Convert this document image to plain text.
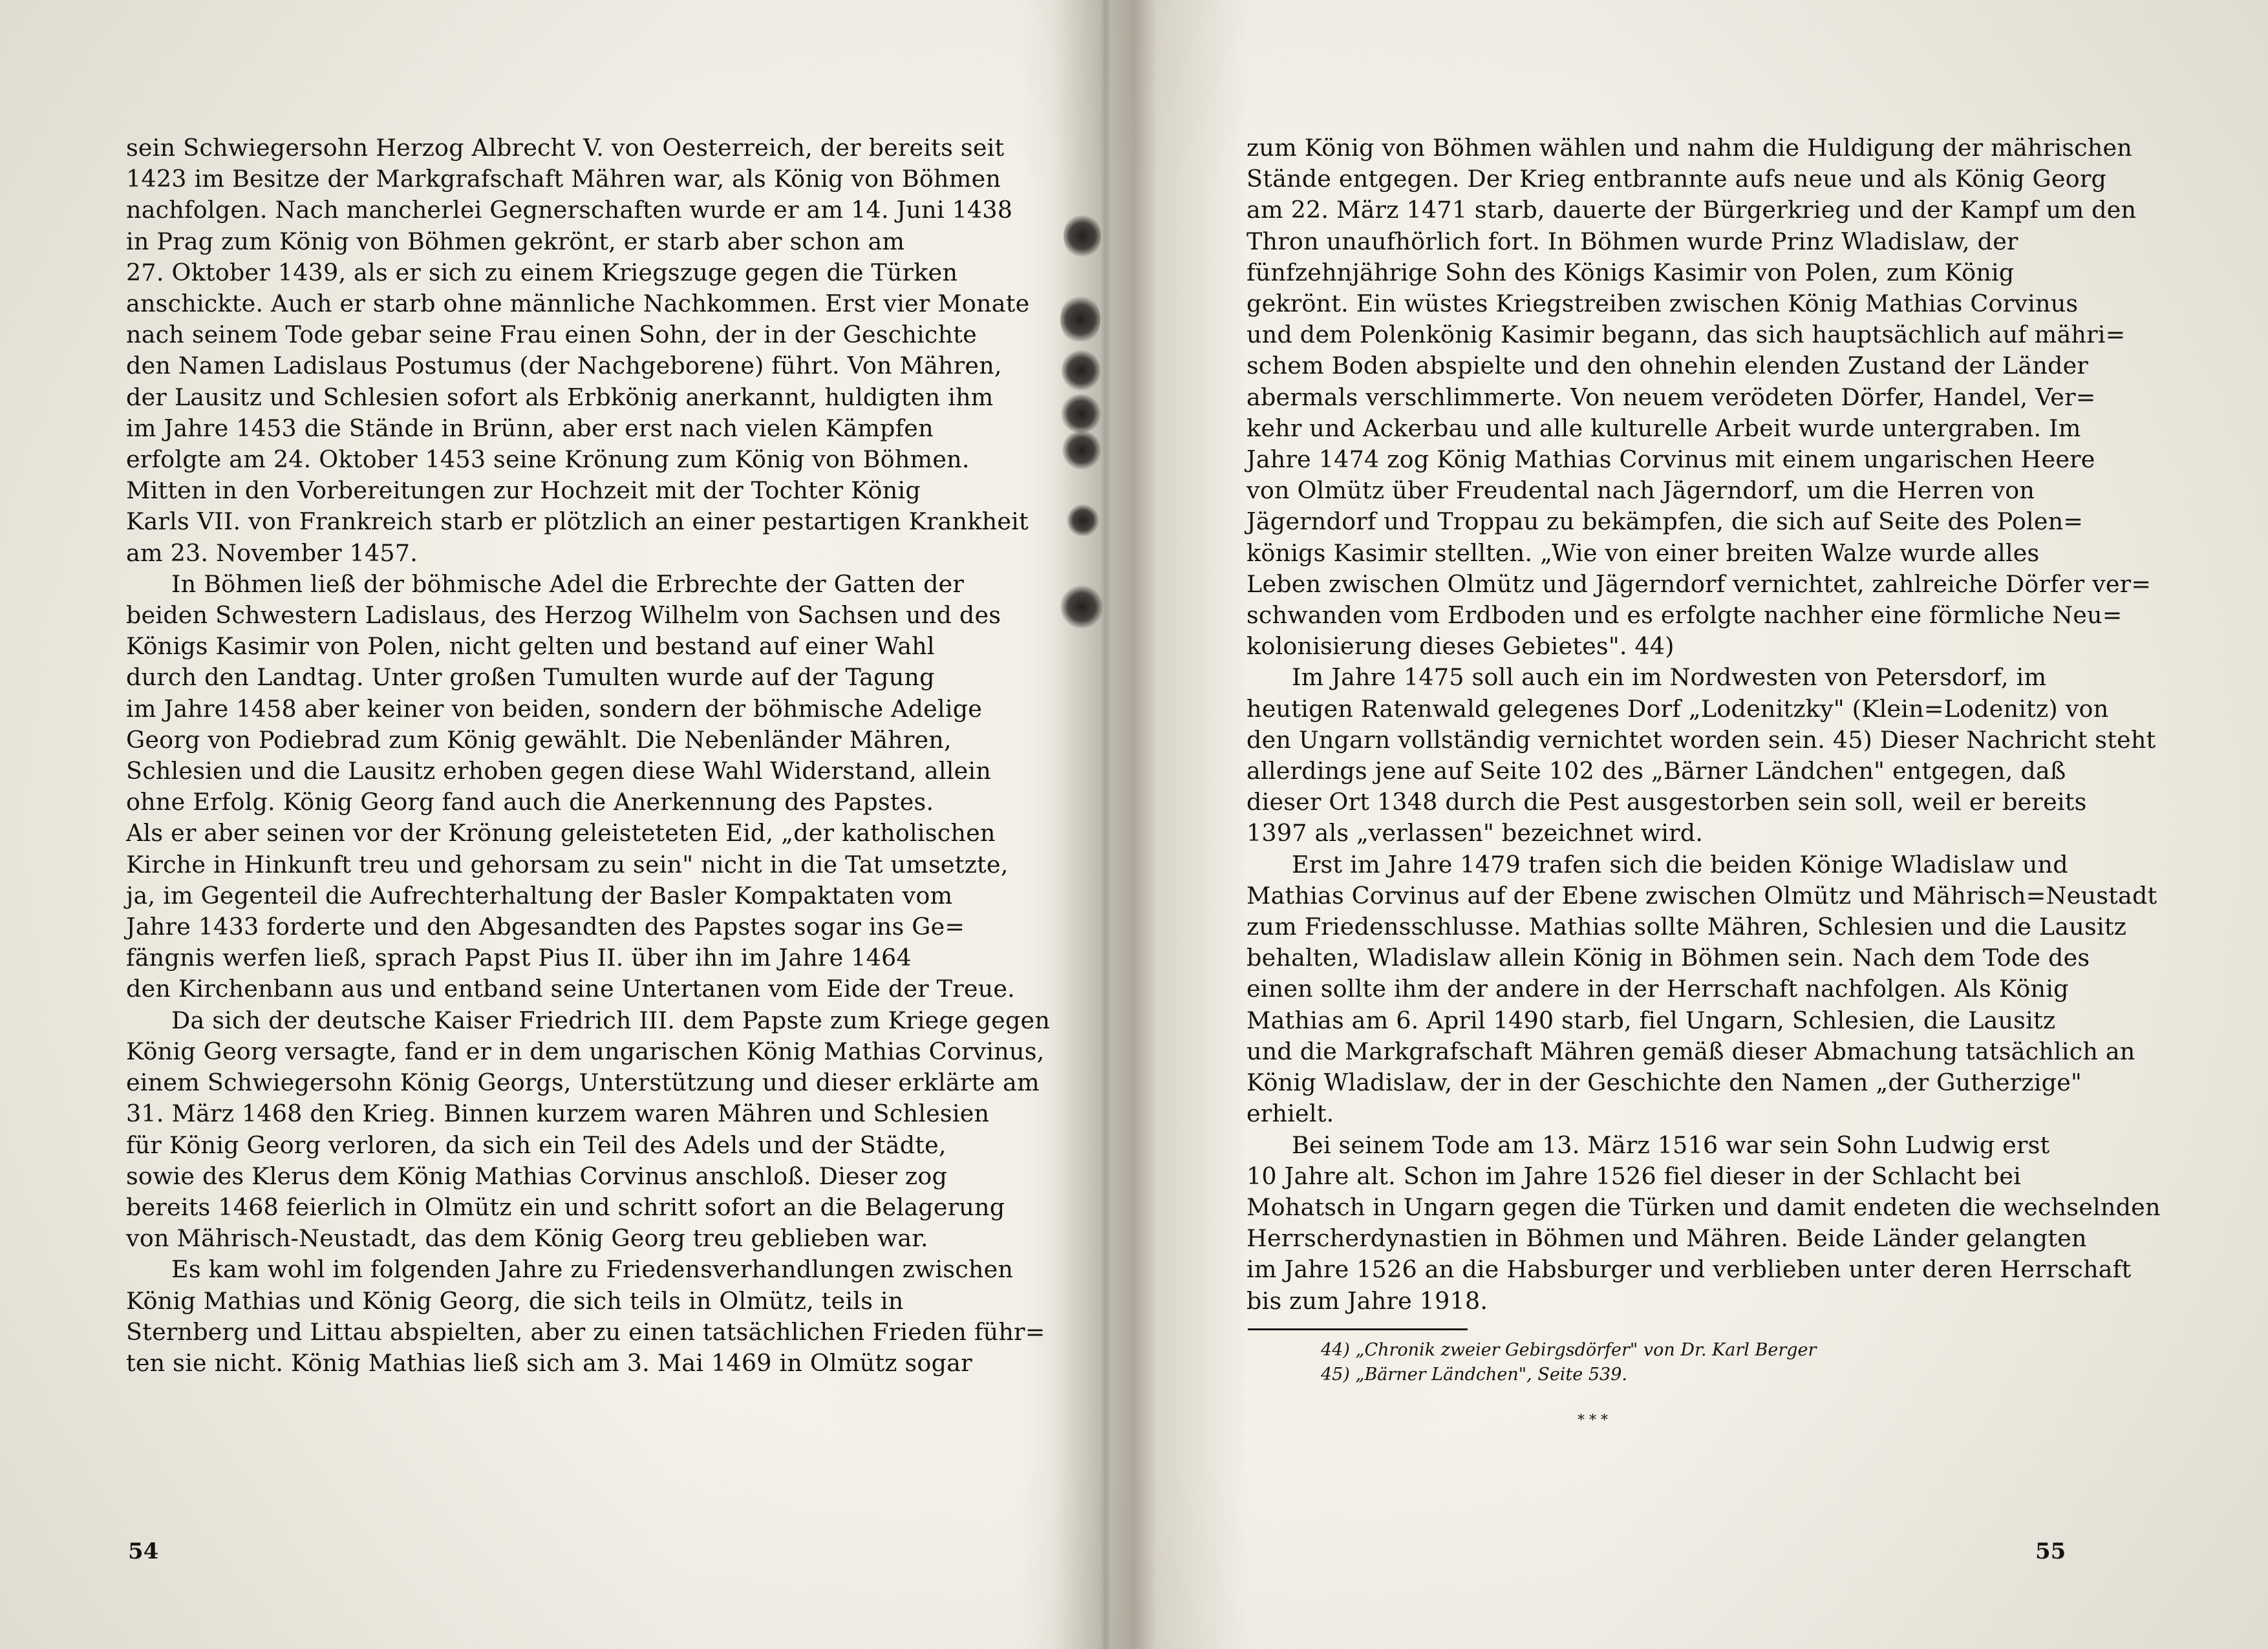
sein Schwiegersohn Herzog Albrecht V. von Oesterreich, der bereits seit
1423 im Besitze der Markgrafschaft Mähren war, als König von Böhmen
nachfolgen. Nach mancherlei Gegnerschaften wurde er am 14. Juni 1438
in Prag zum König von Böhmen gekrönt, er starb aber schon am
27. Oktober 1439, als er sich zu einem Kriegszuge gegen die Türken
anschickte. Auch er starb ohne männliche Nachkommen. Erst vier Monate
nach seinem Tode gebar seine Frau einen Sohn, der in der Geschichte
den Namen Ladislaus Postumus (der Nachgeborene) führt. Von Mähren,
der Lausitz und Schlesien sofort als Erbkönig anerkannt, huldigten ihm
im Jahre 1453 die Stände in Brünn, aber erst nach vielen Kämpfen
erfolgte am 24. Oktober 1453 seine Krönung zum König von Böhmen.
Mitten in den Vorbereitungen zur Hochzeit mit der Tochter König
Karls VII. von Frankreich starb er plötzlich an einer pestartigen Krankheit
am 23. November 1457.

In Böhmen ließ der böhmische Adel die Erbrechte der Gatten der
beiden Schwestern Ladislaus, des Herzog Wilhelm von Sachsen und des
Königs Kasimir von Polen, nicht gelten und bestand auf einer Wahl
durch den Landtag. Unter großen Tumulten wurde auf der Tagung
im Jahre 1458 aber keiner von beiden, sondern der böhmische Adelige
Georg von Podiebrad zum König gewählt. Die Nebenländer Mähren,
Schlesien und die Lausitz erhoben gegen diese Wahl Widerstand, allein
ohne Erfolg. König Georg fand auch die Anerkennung des Papstes.
Als er aber seinen vor der Krönung geleisteteten Eid, „der katholischen
Kirche in Hinkunft treu und gehorsam zu sein" nicht in die Tat umsetzte,
ja, im Gegenteil die Aufrechterhaltung der Basler Kompaktaten vom
Jahre 1433 forderte und den Abgesandten des Papstes sogar ins Ge=
fängnis werfen ließ, sprach Papst Pius II. über ihn im Jahre 1464
den Kirchenbann aus und entband seine Untertanen vom Eide der Treue.

Da sich der deutsche Kaiser Friedrich III. dem Papste zum Kriege gegen
König Georg versagte, fand er in dem ungarischen König Mathias Corvinus,
einem Schwiegersohn König Georgs, Unterstützung und dieser erklärte am
31. März 1468 den Krieg. Binnen kurzem waren Mähren und Schlesien
für König Georg verloren, da sich ein Teil des Adels und der Städte,
sowie des Klerus dem König Mathias Corvinus anschloß. Dieser zog
bereits 1468 feierlich in Olmütz ein und schritt sofort an die Belagerung
von Mährisch-Neustadt, das dem König Georg treu geblieben war.

Es kam wohl im folgenden Jahre zu Friedensverhandlungen zwischen
König Mathias und König Georg, die sich teils in Olmütz, teils in
Sternberg und Littau abspielten, aber zu einen tatsächlichen Frieden führ=
ten sie nicht. König Mathias ließ sich am 3. Mai 1469 in Olmütz sogar

54

zum König von Böhmen wählen und nahm die Huldigung der mährischen
Stände entgegen. Der Krieg entbrannte aufs neue und als König Georg
am 22. März 1471 starb, dauerte der Bürgerkrieg und der Kampf um den
Thron unaufhörlich fort. In Böhmen wurde Prinz Wladislaw, der
fünfzehnjährige Sohn des Königs Kasimir von Polen, zum König
gekrönt. Ein wüstes Kriegstreiben zwischen König Mathias Corvinus
und dem Polenkönig Kasimir begann, das sich hauptsächlich auf mähri=
schem Boden abspielte und den ohnehin elenden Zustand der Länder
abermals verschlimmerte. Von neuem verödeten Dörfer, Handel, Ver=
kehr und Ackerbau und alle kulturelle Arbeit wurde untergraben. Im
Jahre 1474 zog König Mathias Corvinus mit einem ungarischen Heere
von Olmütz über Freudental nach Jägerndorf, um die Herren von
Jägerndorf und Troppau zu bekämpfen, die sich auf Seite des Polen=
königs Kasimir stellten. „Wie von einer breiten Walze wurde alles
Leben zwischen Olmütz und Jägerndorf vernichtet, zahlreiche Dörfer ver=
schwanden vom Erdboden und es erfolgte nachher eine förmliche Neu=
kolonisierung dieses Gebietes". 44)

Im Jahre 1475 soll auch ein im Nordwesten von Petersdorf, im
heutigen Ratenwald gelegenes Dorf „Lodenitzky" (Klein=Lodenitz) von
den Ungarn vollständig vernichtet worden sein. 45) Dieser Nachricht steht
allerdings jene auf Seite 102 des „Bärner Ländchen" entgegen, daß
dieser Ort 1348 durch die Pest ausgestorben sein soll, weil er bereits
1397 als „verlassen" bezeichnet wird.

Erst im Jahre 1479 trafen sich die beiden Könige Wladislaw und
Mathias Corvinus auf der Ebene zwischen Olmütz und Mährisch=Neustadt
zum Friedensschlusse. Mathias sollte Mähren, Schlesien und die Lausitz
behalten, Wladislaw allein König in Böhmen sein. Nach dem Tode des
einen sollte ihm der andere in der Herrschaft nachfolgen. Als König
Mathias am 6. April 1490 starb, fiel Ungarn, Schlesien, die Lausitz
und die Markgrafschaft Mähren gemäß dieser Abmachung tatsächlich an
König Wladislaw, der in der Geschichte den Namen „der Gutherzige"
erhielt.

Bei seinem Tode am 13. März 1516 war sein Sohn Ludwig erst
10 Jahre alt. Schon im Jahre 1526 fiel dieser in der Schlacht bei
Mohatsch in Ungarn gegen die Türken und damit endeten die wechselnden
Herrscherdynastien in Böhmen und Mähren. Beide Länder gelangten
im Jahre 1526 an die Habsburger und verblieben unter deren Herrschaft
bis zum Jahre 1918.

44) „Chronik zweier Gebirgsdörfer" von Dr. Karl Berger
45) „Bärner Ländchen", Seite 539.
* * *
55
